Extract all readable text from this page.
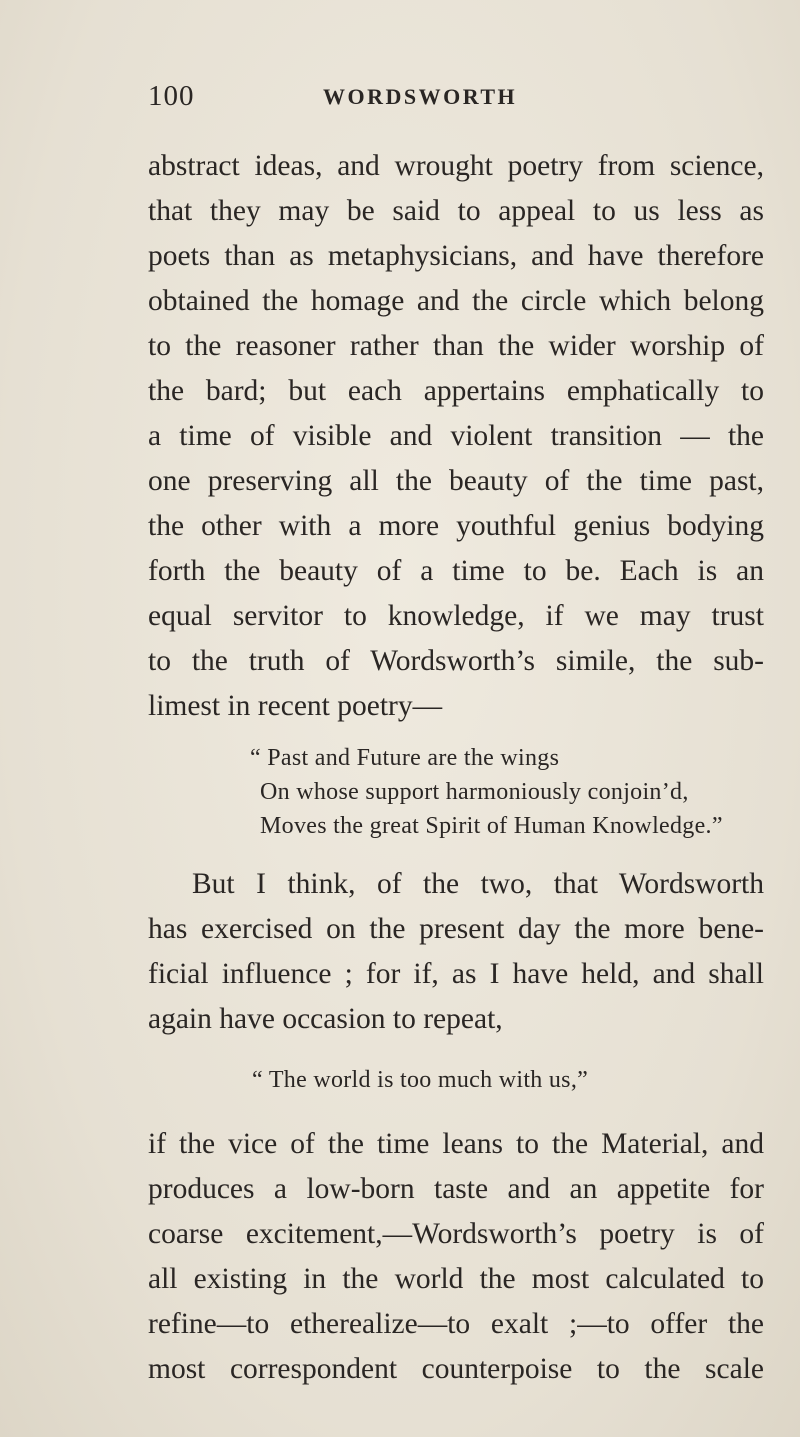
100	WORDSWORTH
abstract ideas, and wrought poetry from science,
that they may be said to appeal to us less as
poets than as metaphysicians, and have therefore
obtained the homage and the circle which belong
to the reasoner rather than the wider worship of
the bard; but each appertains emphatically to
a time of visible and violent transition — the
one preserving all the beauty of the time past,
the other with a more youthful genius bodying
forth the beauty of a time to be. Each is an
equal servitor to knowledge, if we may trust
to the truth of Wordsworth’s simile, the sub-
limest in recent poetry—
“ Past and Future are the wings
On whose support harmoniously conjoin’d,
Moves the great Spirit of Human Knowledge.”
But I think, of the two, that Wordsworth
has exercised on the present day the more bene-
ficial influence ; for if, as I have held, and shall
again have occasion to repeat,
“ The world is too much with us,”
if the vice of the time leans to the Material, and
produces a low-born taste and an appetite for
coarse excitement,—Wordsworth’s poetry is of
all existing in the world the most calculated to
refine—to etherealize—to exalt ;—to offer the
most correspondent counterpoise to the scale
